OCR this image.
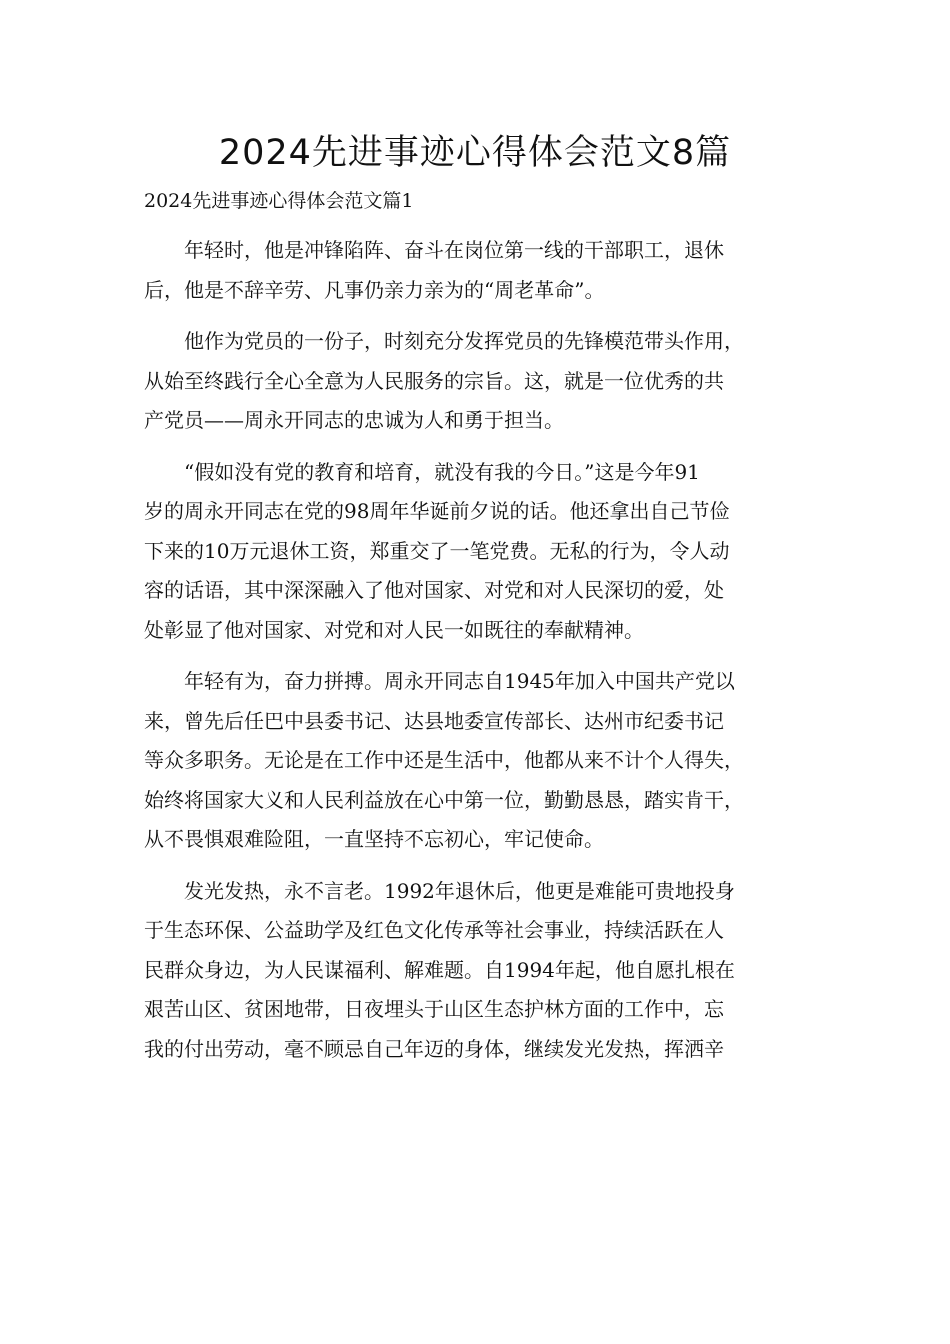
2024先进事迹心得体会范文8篇
2024先进事迹心得体会范文篇1

年轻时，他是冲锋陷阵、奋斗在岗位第一线的干部职工，退休
后，他是不辞辛劳、凡事仍亲力亲为的“周老革命”。

他作为党员的一份子，时刻充分发挥党员的先锋模范带头作用，
从始至终践行全心全意为人民服务的宗旨。这，就是一位优秀的共
产党员——周永开同志的忠诚为人和勇于担当。

“假如没有党的教育和培育，就没有我的今日。”这是今年91
岁的周永开同志在党的98周年华诞前夕说的话。他还拿出自己节俭
下来的10万元退休工资，郑重交了一笔党费。无私的行为，令人动
容的话语，其中深深融入了他对国家、对党和对人民深切的爱，处
处彰显了他对国家、对党和对人民一如既往的奉献精神。

年轻有为，奋力拼搏。周永开同志自1945年加入中国共产党以
来，曾先后任巴中县委书记、达县地委宣传部长、达州市纪委书记
等众多职务。无论是在工作中还是生活中，他都从来不计个人得失，
始终将国家大义和人民利益放在心中第一位，勤勤恳恳，踏实肯干，
从不畏惧艰难险阻，一直坚持不忘初心，牢记使命。

发光发热，永不言老。1992年退休后，他更是难能可贵地投身
于生态环保、公益助学及红色文化传承等社会事业，持续活跃在人
民群众身边，为人民谋福利、解难题。自1994年起，他自愿扎根在
艰苦山区、贫困地带，日夜埋头于山区生态护林方面的工作中，忘
我的付出劳动，毫不顾忌自己年迈的身体，继续发光发热，挥洒辛
